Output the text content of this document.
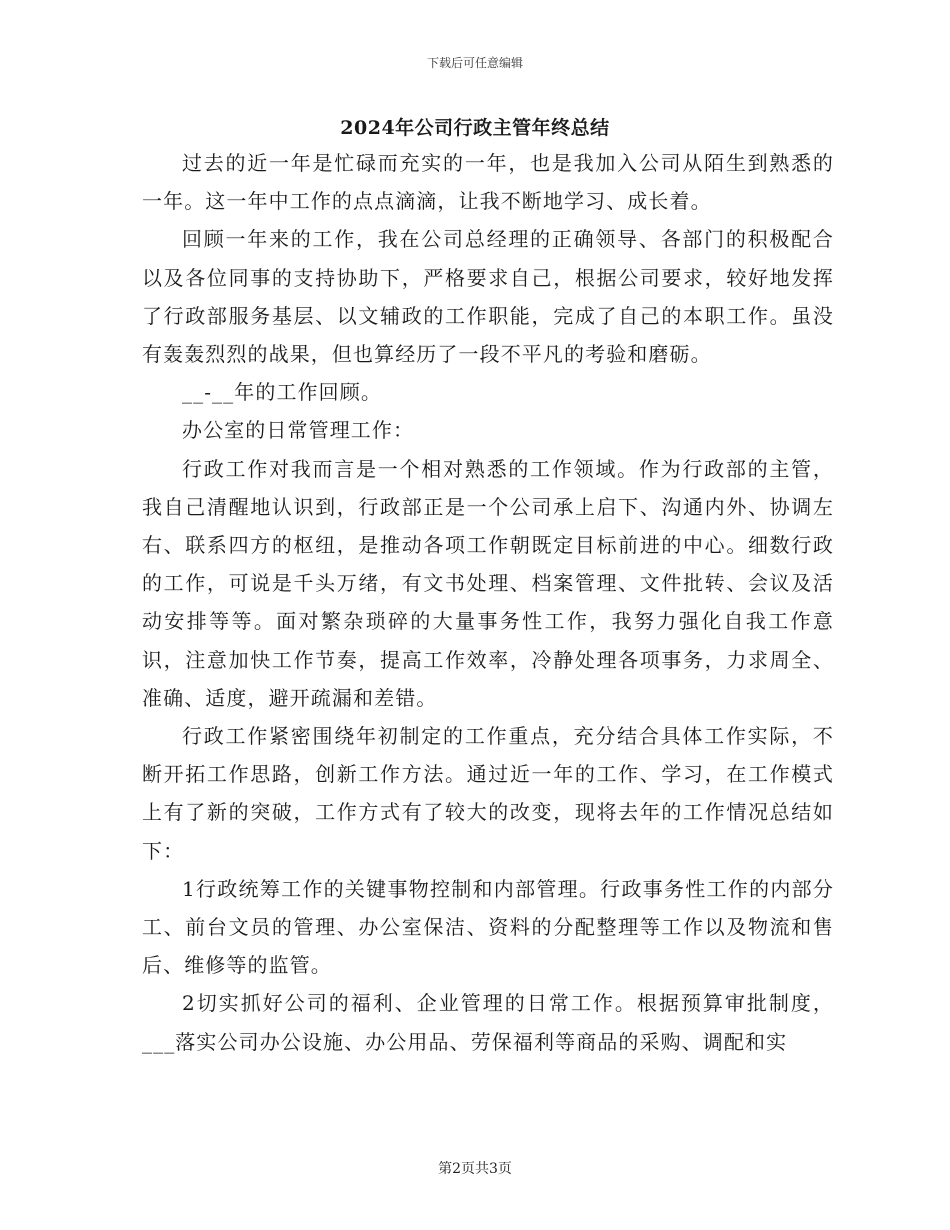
下载后可任意编辑
2024年公司行政主管年终总结

过去的近一年是忙碌而充实的一年，也是我加入公司从陌生到熟悉的一年。这一年中工作的点点滴滴，让我不断地学习、成长着。

回顾一年来的工作，我在公司总经理的正确领导、各部门的积极配合以及各位同事的支持协助下，严格要求自己，根据公司要求，较好地发挥了行政部服务基层、以文辅政的工作职能，完成了自己的本职工作。虽没有轰轰烈烈的战果，但也算经历了一段不平凡的考验和磨砺。

__-__年的工作回顾。

办公室的日常管理工作：

行政工作对我而言是一个相对熟悉的工作领域。作为行政部的主管，我自己清醒地认识到，行政部正是一个公司承上启下、沟通内外、协调左右、联系四方的枢纽，是推动各项工作朝既定目标前进的中心。细数行政的工作，可说是千头万绪，有文书处理、档案管理、文件批转、会议及活动安排等等。面对繁杂琐碎的大量事务性工作，我努力强化自我工作意识，注意加快工作节奏，提高工作效率，冷静处理各项事务，力求周全、准确、适度，避开疏漏和差错。

行政工作紧密围绕年初制定的工作重点，充分结合具体工作实际，不断开拓工作思路，创新工作方法。通过近一年的工作、学习，在工作模式上有了新的突破，工作方式有了较大的改变，现将去年的工作情况总结如下：

1行政统筹工作的关键事物控制和内部管理。行政事务性工作的内部分工、前台文员的管理、办公室保洁、资料的分配整理等工作以及物流和售后、维修等的监管。

2切实抓好公司的福利、企业管理的日常工作。根据预算审批制度，___落实公司办公设施、办公用品、劳保福利等商品的采购、调配和实

第2页共3页
